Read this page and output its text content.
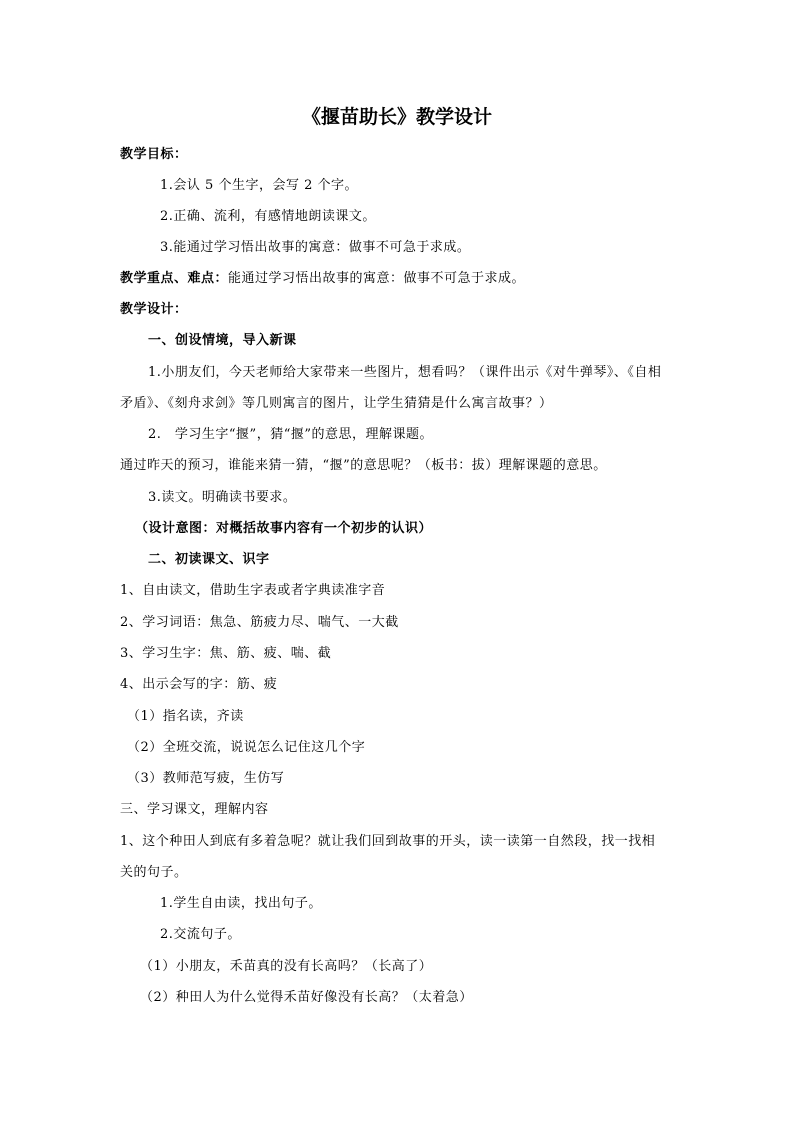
《揠苗助长》教学设计
教学目标：
1.会认 5 个生字，会写 2 个字。
2.正确、流利，有感情地朗读课文。
3.能通过学习悟出故事的寓意：做事不可急于求成。
教学重点、难点：能通过学习悟出故事的寓意：做事不可急于求成。
教学设计：
一、创设情境，导入新课
1.小朋友们，今天老师给大家带来一些图片，想看吗？（课件出示《对牛弹琴》、《自相
矛盾》、《刻舟求剑》等几则寓言的图片，让学生猜猜是什么寓言故事？）
2.　学习生字“揠”，猜“揠”的意思，理解课题。
通过昨天的预习，谁能来猜一猜，“揠”的意思呢？（板书：拔）理解课题的意思。
3.读文。明确读书要求。
（设计意图：对概括故事内容有一个初步的认识）
二、初读课文、识字
1、自由读文，借助生字表或者字典读准字音
2、学习词语：焦急、筋疲力尽、喘气、一大截
3、学习生字：焦、筋、疲、喘、截
4、出示会写的字：筋、疲
（1）指名读，齐读
（2）全班交流，说说怎么记住这几个字
（3）教师范写疲，生仿写
三、学习课文，理解内容
1、这个种田人到底有多着急呢？就让我们回到故事的开头，读一读第一自然段，找一找相
关的句子。
1.学生自由读，找出句子。
2.交流句子。
（1）小朋友，禾苗真的没有长高吗？（长高了）
（2）种田人为什么觉得禾苗好像没有长高？（太着急）
